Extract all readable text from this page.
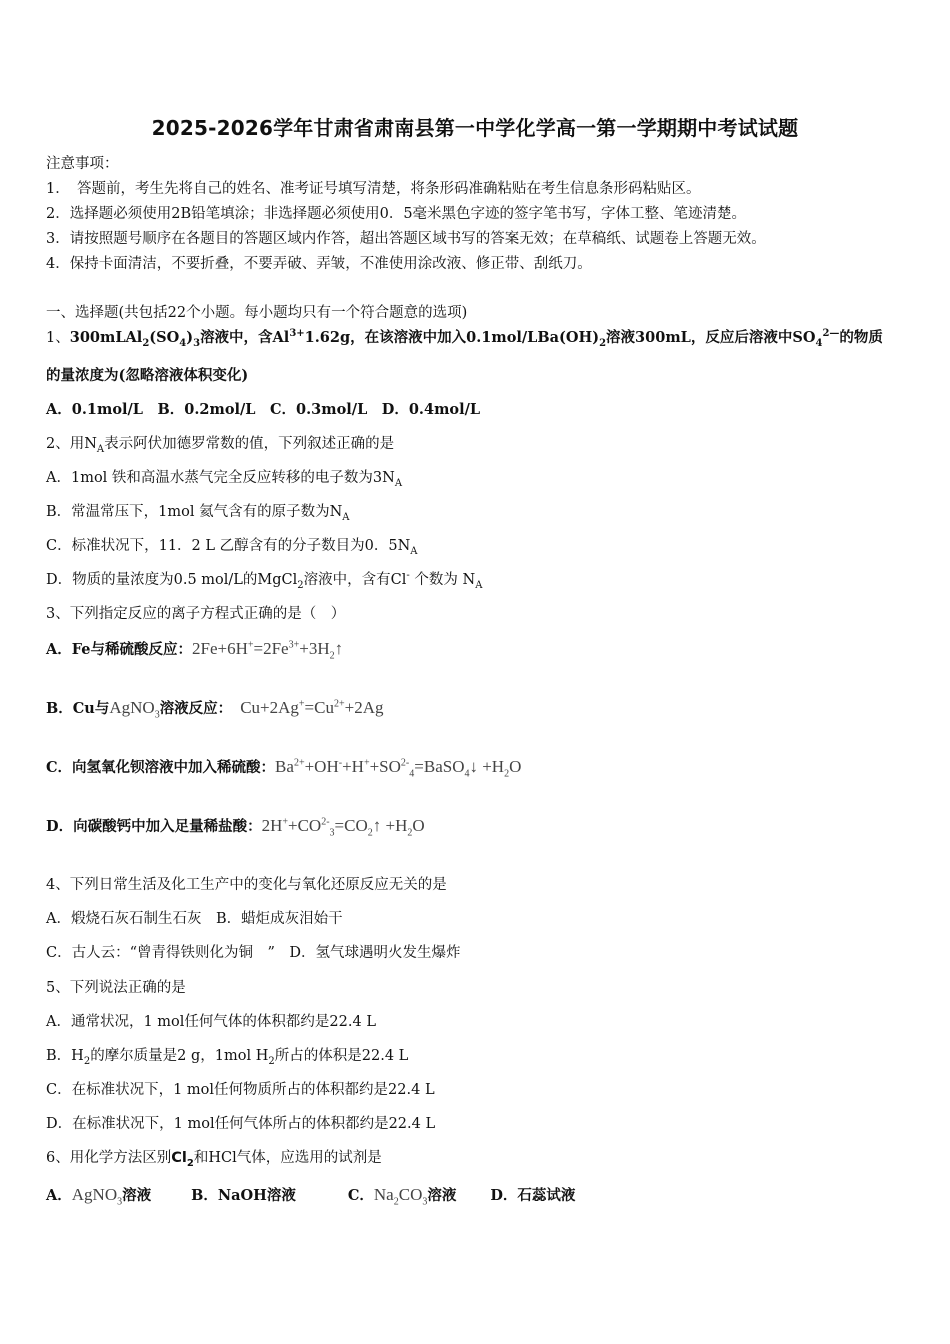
2025-2026学年甘肃省肃南县第一中学化学高一第一学期期中考试试题
注意事项：
1．　答题前，考生先将自己的姓名、准考证号填写清楚，将条形码准确粘贴在考生信息条形码粘贴区。
2．选择题必须使用2B铅笔填涂；非选择题必须使用0．5毫米黑色字迹的签字笔书写，字体工整、笔迹清楚。
3．请按照题号顺序在各题目的答题区域内作答，超出答题区域书写的答案无效；在草稿纸、试题卷上答题无效。
4．保持卡面清洁，不要折叠，不要弄破、弄皱，不准使用涂改液、修正带、刮纸刀。
一、选择题(共包括22个小题。每小题均只有一个符合题意的选项)
1、$300mLAl_2(SO_4)_3$溶液中，含$Al^{3+}1.62g$，在该溶液中加入$0.1mol/LBa(OH)_2$溶液300mL，反应后溶液中$SO_4^{2—}$的物质
的量浓度为(忽略溶液体积变化)
A．0.1mol/L　B．0.2mol/L　C．0.3mol/L　D．0.4mol/L
2、用$N_A$表示阿伏加德罗常数的值，下列叙述正确的是
A．1mol 铁和高温水蒸气完全反应转移的电子数为$3N_A$
B．常温常压下，1mol 氦气含有的原子数为$N_A$
C．标准状况下，11．2 L 乙醇含有的分子数目为0．$5N_A$
D．物质的量浓度为0.5 mol/L的MgCl$_2$溶液中，含有Cl- 个数为 $N_A$
3、下列指定反应的离子方程式正确的是（　）
A．Fe与稀硫酸反应：$2Fe+6H^+=2Fe^{3+}+3H_2↑$
B．Cu与AgNO$_3$溶液反应： $Cu+2Ag^+=Cu^{2+}+2Ag$
C．向氢氧化钡溶液中加入稀硫酸：$Ba^{2+}+OH^-+H^++SO^{2-}_4=BaSO_4↓ +H_2O$
D．向碳酸钙中加入足量稀盐酸：$2H^++CO^{2-}_3=CO_2↑ +H_2O$
4、下列日常生活及化工生产中的变化与氧化还原反应无关的是
A．煅烧石灰石制生石灰　B．蜡炬成灰泪始干
C．古人云：“曾青得铁则化为铜　”　D．氢气球遇明火发生爆炸
5、下列说法正确的是
A．通常状况，1 mol任何气体的体积都约是22.4 L
B．$H_2$的摩尔质量是2 g，1mol $H_2$所占的体积是22.4 L
C．在标准状况下，1 mol任何物质所占的体积都约是22.4 L
D．在标准状况下，1 mol任何气体所占的体积都约是22.4 L
6、用化学方法区别$Cl_2$和HCl气体，应选用的试剂是
A．AgNO$_3$溶液	B．NaOH溶液	C．$Na_2CO_3$溶液 D．石蕊试液
